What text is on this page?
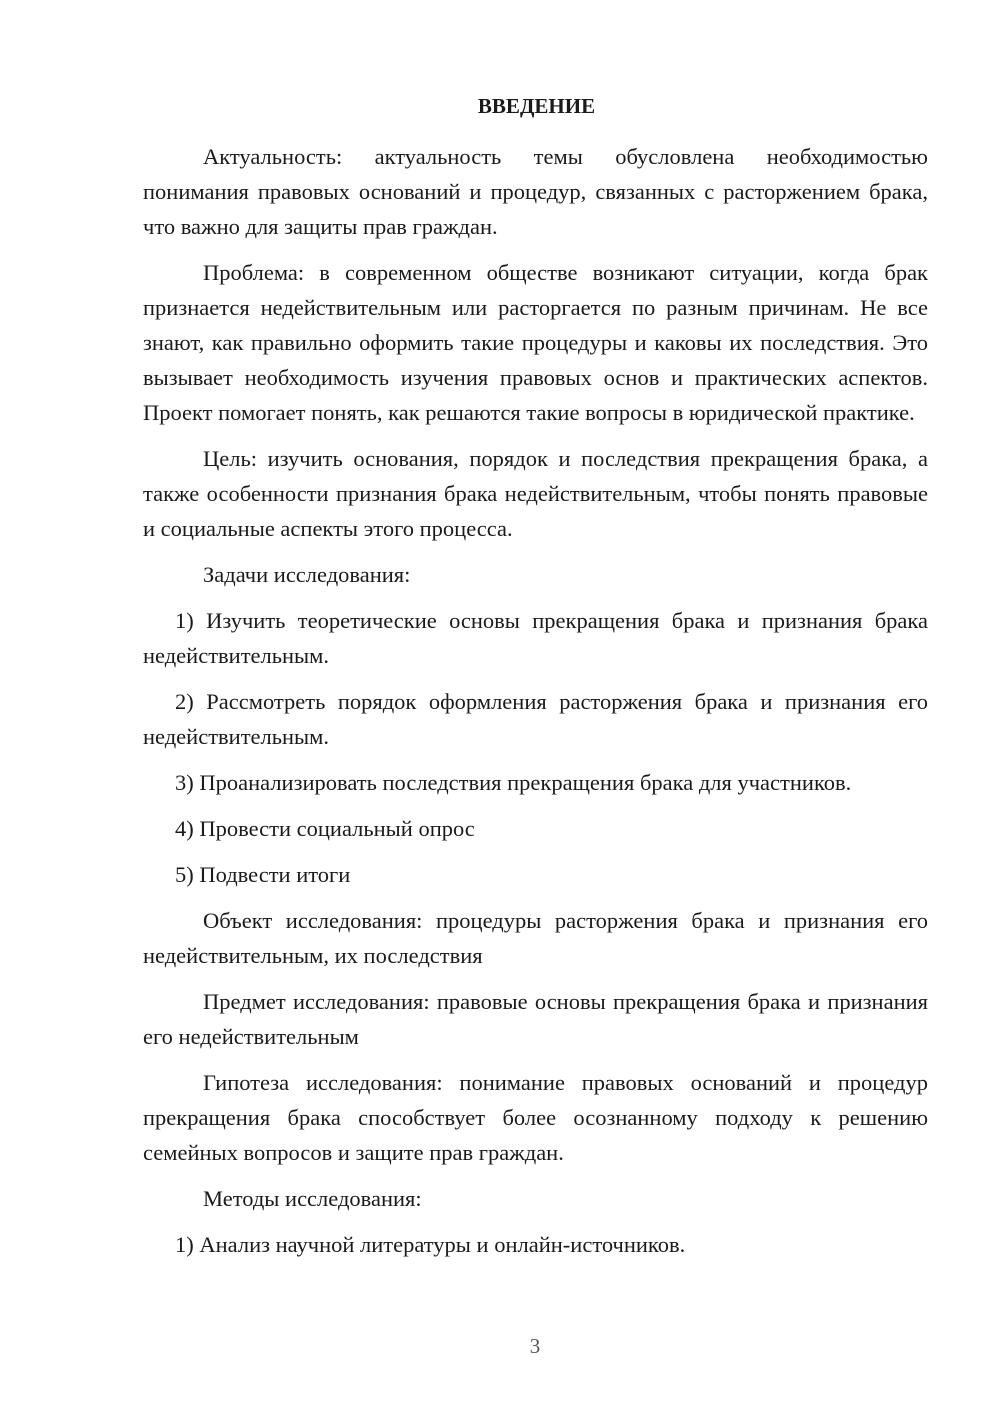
ВВЕДЕНИЕ

Актуальность: актуальность темы обусловлена необходимостью понимания правовых оснований и процедур, связанных с расторжением брака, что важно для защиты прав граждан.

Проблема: в современном обществе возникают ситуации, когда брак признается недействительным или расторгается по разным причинам. Не все знают, как правильно оформить такие процедуры и каковы их последствия. Это вызывает необходимость изучения правовых основ и практических аспектов. Проект помогает понять, как решаются такие вопросы в юридической практике.

Цель: изучить основания, порядок и последствия прекращения брака, а также особенности признания брака недействительным, чтобы понять правовые и социальные аспекты этого процесса.

Задачи исследования:

1) Изучить теоретические основы прекращения брака и признания брака недействительным.

2) Рассмотреть порядок оформления расторжения брака и признания его недействительным.

3) Проанализировать последствия прекращения брака для участников.

4) Провести социальный опрос

5) Подвести итоги

Объект исследования: процедуры расторжения брака и признания его недействительным, их последствия

Предмет исследования: правовые основы прекращения брака и признания его недействительным

Гипотеза исследования: понимание правовых оснований и процедур прекращения брака способствует более осознанному подходу к решению семейных вопросов и защите прав граждан.

Методы исследования:

1) Анализ научной литературы и онлайн-источников.

3
